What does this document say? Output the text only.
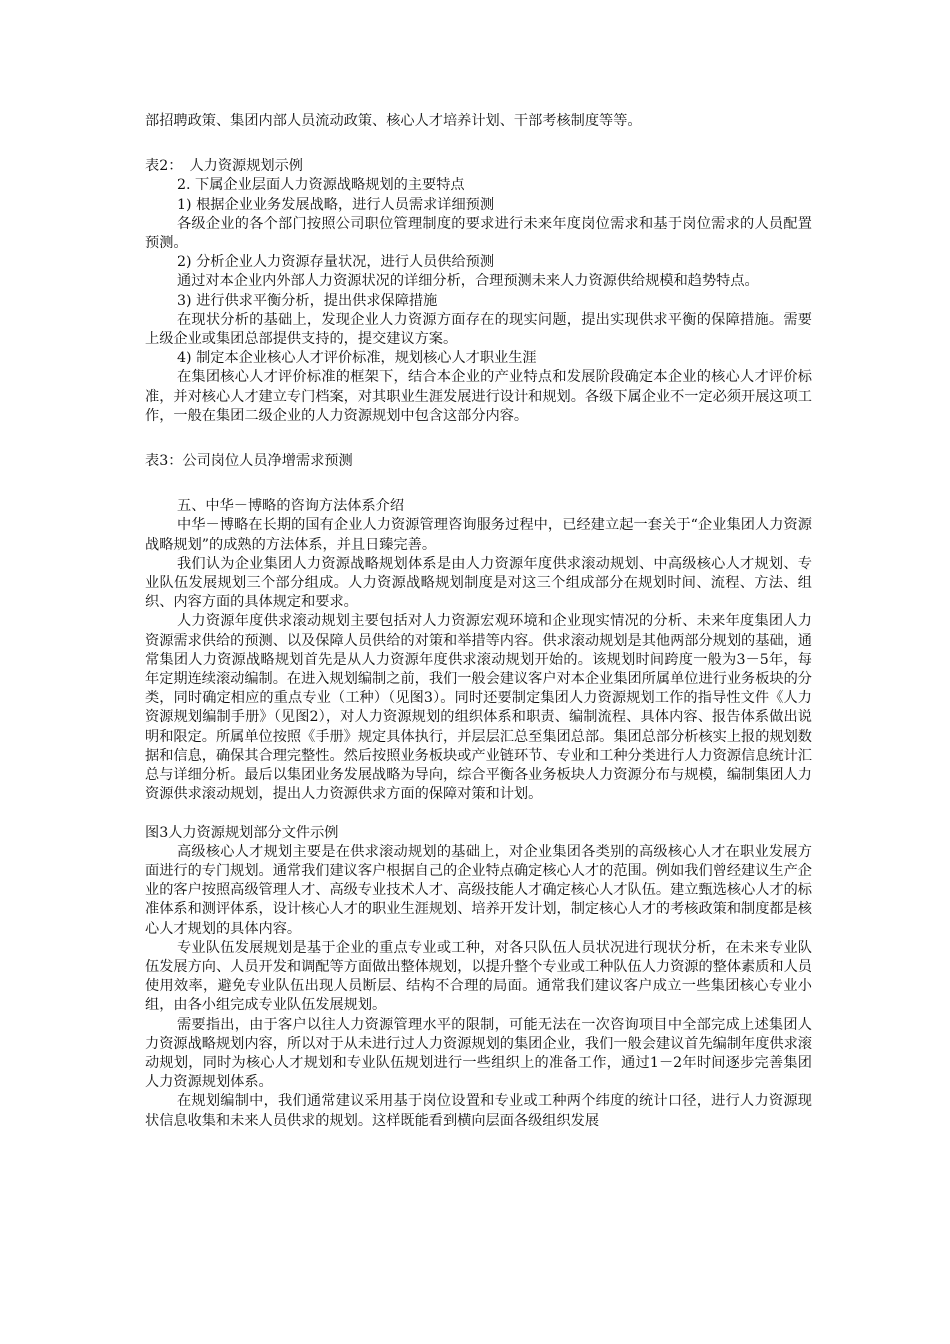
部招聘政策、集团内部人员流动政策、核心人才培养计划、干部考核制度等等。

表2：　人力资源规划示例

2. 下属企业层面人力资源战略规划的主要特点

1) 根据企业业务发展战略，进行人员需求详细预测

各级企业的各个部门按照公司职位管理制度的要求进行未来年度岗位需求和基于岗位需求的人员配置预测。

2) 分析企业人力资源存量状况，进行人员供给预测

通过对本企业内外部人力资源状况的详细分析，合理预测未来人力资源供给规模和趋势特点。

3) 进行供求平衡分析，提出供求保障措施

在现状分析的基础上，发现企业人力资源方面存在的现实问题，提出实现供求平衡的保障措施。需要上级企业或集团总部提供支持的，提交建议方案。

4) 制定本企业核心人才评价标准，规划核心人才职业生涯

在集团核心人才评价标准的框架下，结合本企业的产业特点和发展阶段确定本企业的核心人才评价标准，并对核心人才建立专门档案，对其职业生涯发展进行设计和规划。各级下属企业不一定必须开展这项工作，一般在集团二级企业的人力资源规划中包含这部分内容。

表3：公司岗位人员净增需求预测

五、中华－博略的咨询方法体系介绍

中华－博略在长期的国有企业人力资源管理咨询服务过程中，已经建立起一套关于“企业集团人力资源战略规划”的成熟的方法体系，并且日臻完善。

我们认为企业集团人力资源战略规划体系是由人力资源年度供求滚动规划、中高级核心人才规划、专业队伍发展规划三个部分组成。人力资源战略规划制度是对这三个组成部分在规划时间、流程、方法、组织、内容方面的具体规定和要求。

人力资源年度供求滚动规划主要包括对人力资源宏观环境和企业现实情况的分析、未来年度集团人力资源需求供给的预测、以及保障人员供给的对策和举措等内容。供求滚动规划是其他两部分规划的基础，通常集团人力资源战略规划首先是从人力资源年度供求滚动规划开始的。该规划时间跨度一般为3－5年，每年定期连续滚动编制。在进入规划编制之前，我们一般会建议客户对本企业集团所属单位进行业务板块的分类，同时确定相应的重点专业（工种）（见图3）。同时还要制定集团人力资源规划工作的指导性文件《人力资源规划编制手册》（见图2），对人力资源规划的组织体系和职责、编制流程、具体内容、报告体系做出说明和限定。所属单位按照《手册》规定具体执行，并层层汇总至集团总部。集团总部分析核实上报的规划数据和信息，确保其合理完整性。然后按照业务板块或产业链环节、专业和工种分类进行人力资源信息统计汇总与详细分析。最后以集团业务发展战略为导向，综合平衡各业务板块人力资源分布与规模，编制集团人力资源供求滚动规划，提出人力资源供求方面的保障对策和计划。

图3人力资源规划部分文件示例

高级核心人才规划主要是在供求滚动规划的基础上，对企业集团各类别的高级核心人才在职业发展方面进行的专门规划。通常我们建议客户根据自己的企业特点确定核心人才的范围。例如我们曾经建议生产企业的客户按照高级管理人才、高级专业技术人才、高级技能人才确定核心人才队伍。建立甄选核心人才的标准体系和测评体系，设计核心人才的职业生涯规划、培养开发计划，制定核心人才的考核政策和制度都是核心人才规划的具体内容。

专业队伍发展规划是基于企业的重点专业或工种，对各只队伍人员状况进行现状分析，在未来专业队伍发展方向、人员开发和调配等方面做出整体规划，以提升整个专业或工种队伍人力资源的整体素质和人员使用效率，避免专业队伍出现人员断层、结构不合理的局面。通常我们建议客户成立一些集团核心专业小组，由各小组完成专业队伍发展规划。

需要指出，由于客户以往人力资源管理水平的限制，可能无法在一次咨询项目中全部完成上述集团人力资源战略规划内容，所以对于从未进行过人力资源规划的集团企业，我们一般会建议首先编制年度供求滚动规划，同时为核心人才规划和专业队伍规划进行一些组织上的准备工作，通过1－2年时间逐步完善集团人力资源规划体系。

在规划编制中，我们通常建议采用基于岗位设置和专业或工种两个纬度的统计口径，进行人力资源现状信息收集和未来人员供求的规划。这样既能看到横向层面各级组织发展
